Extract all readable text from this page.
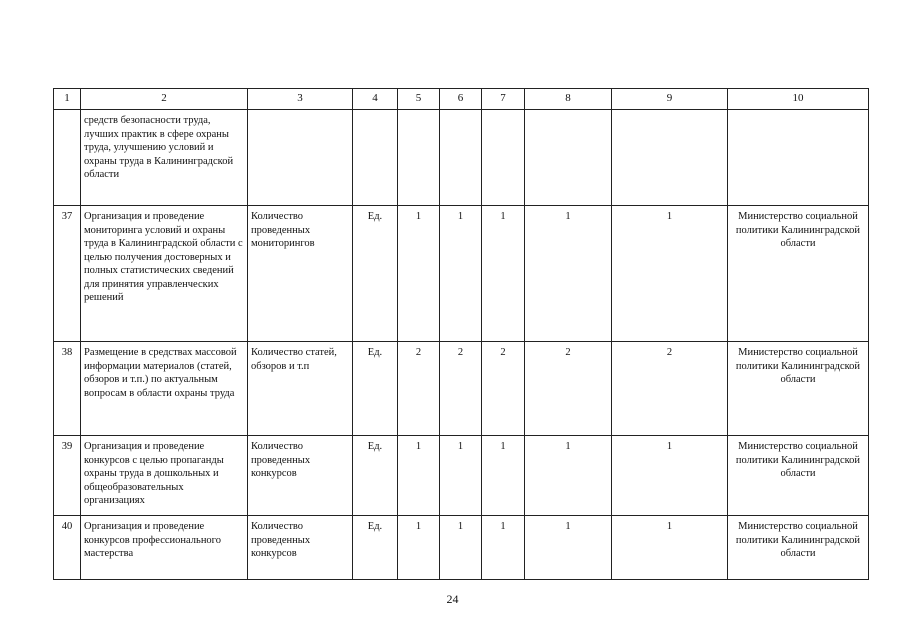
1	2	3	4	5	6	7	8	9	10
	средств безопасности труда, лучших практик в сфере охраны труда, улучшению условий и охраны труда в Калининградской области								
37	Организация и проведение мониторинга условий и охраны труда в Калининградской области с целью получения достоверных и полных статистических сведений для принятия управленческих решений	Количество проведенных мониторингов	Ед.	1	1	1	1	1	Министерство социальной политики Калининградской области
38	Размещение в средствах массовой информации материалов (статей, обзоров и т.п.) по актуальным вопросам в области охраны труда	Количество статей, обзоров и т.п	Ед.	2	2	2	2	2	Министерство социальной политики Калининградской области
39	Организация и проведение конкурсов с целью пропаганды охраны труда в дошкольных и общеобразовательных организациях	Количество проведенных конкурсов	Ед.	1	1	1	1	1	Министерство социальной политики Калининградской области
40	Организация и проведение конкурсов профессионального мастерства	Количество проведенных конкурсов	Ед.	1	1	1	1	1	Министерство социальной политики Калининградской области
24
